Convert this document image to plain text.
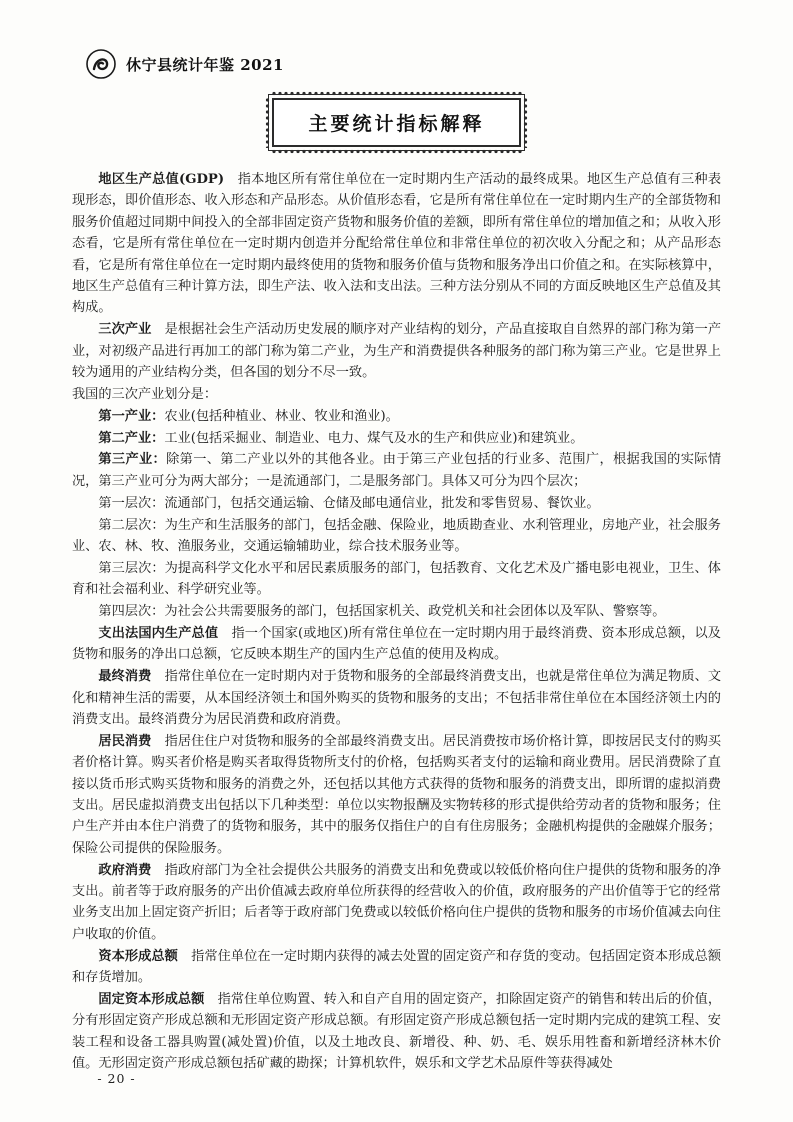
休宁县统计年鉴 2021
主要统计指标解释

地区生产总值(GDP)　指本地区所有常住单位在一定时期内生产活动的最终成果。地区生产总值有三种表现形态，即价值形态、收入形态和产品形态。从价值形态看，它是所有常住单位在一定时期内生产的全部货物和服务价值超过同期中间投入的全部非固定资产货物和服务价值的差额，即所有常住单位的增加值之和；从收入形态看，它是所有常住单位在一定时期内创造并分配给常住单位和非常住单位的初次收入分配之和；从产品形态看，它是所有常住单位在一定时期内最终使用的货物和服务价值与货物和服务净出口价值之和。在实际核算中，地区生产总值有三种计算方法，即生产法、收入法和支出法。三种方法分别从不同的方面反映地区生产总值及其构成。

三次产业　是根据社会生产活动历史发展的顺序对产业结构的划分，产品直接取自自然界的部门称为第一产业，对初级产品进行再加工的部门称为第二产业，为生产和消费提供各种服务的部门称为第三产业。它是世界上较为通用的产业结构分类，但各国的划分不尽一致。

我国的三次产业划分是：

第一产业：农业(包括种植业、林业、牧业和渔业)。

第二产业：工业(包括采掘业、制造业、电力、煤气及水的生产和供应业)和建筑业。

第三产业：除第一、第二产业以外的其他各业。由于第三产业包括的行业多、范围广，根据我国的实际情况，第三产业可分为两大部分；一是流通部门，二是服务部门。具体又可分为四个层次；

第一层次：流通部门，包括交通运输、仓储及邮电通信业，批发和零售贸易、餐饮业。

第二层次：为生产和生活服务的部门，包括金融、保险业，地质勘查业、水利管理业，房地产业，社会服务业、农、林、牧、渔服务业，交通运输辅助业，综合技术服务业等。

第三层次：为提高科学文化水平和居民素质服务的部门，包括教育、文化艺术及广播电影电视业，卫生、体育和社会福利业、科学研究业等。

第四层次：为社会公共需要服务的部门，包括国家机关、政党机关和社会团体以及军队、警察等。

支出法国内生产总值　指一个国家(或地区)所有常住单位在一定时期内用于最终消费、资本形成总额，以及货物和服务的净出口总额，它反映本期生产的国内生产总值的使用及构成。

最终消费　指常住单位在一定时期内对于货物和服务的全部最终消费支出，也就是常住单位为满足物质、文化和精神生活的需要，从本国经济领土和国外购买的货物和服务的支出；不包括非常住单位在本国经济领土内的消费支出。最终消费分为居民消费和政府消费。

居民消费　指居住住户对货物和服务的全部最终消费支出。居民消费按市场价格计算，即按居民支付的购买者价格计算。购买者价格是购买者取得货物所支付的价格，包括购买者支付的运输和商业费用。居民消费除了直接以货币形式购买货物和服务的消费之外，还包括以其他方式获得的货物和服务的消费支出，即所谓的虚拟消费支出。居民虚拟消费支出包括以下几种类型：单位以实物报酬及实物转移的形式提供给劳动者的货物和服务；住户生产并由本住户消费了的货物和服务，其中的服务仅指住户的自有住房服务；金融机构提供的金融媒介服务；保险公司提供的保险服务。

政府消费　指政府部门为全社会提供公共服务的消费支出和免费或以较低价格向住户提供的货物和服务的净支出。前者等于政府服务的产出价值减去政府单位所获得的经营收入的价值，政府服务的产出价值等于它的经常业务支出加上固定资产折旧；后者等于政府部门免费或以较低价格向住户提供的货物和服务的市场价值减去向住户收取的价值。

资本形成总额　指常住单位在一定时期内获得的减去处置的固定资产和存货的变动。包括固定资本形成总额和存货增加。

固定资本形成总额　指常住单位购置、转入和自产自用的固定资产，扣除固定资产的销售和转出后的价值，分有形固定资产形成总额和无形固定资产形成总额。有形固定资产形成总额包括一定时期内完成的建筑工程、安装工程和设备工器具购置(减处置)价值，以及土地改良、新增役、种、奶、毛、娱乐用牲畜和新增经济林木价值。无形固定资产形成总额包括矿藏的勘探；计算机软件，娱乐和文学艺术品原件等获得减处

- 20 -
